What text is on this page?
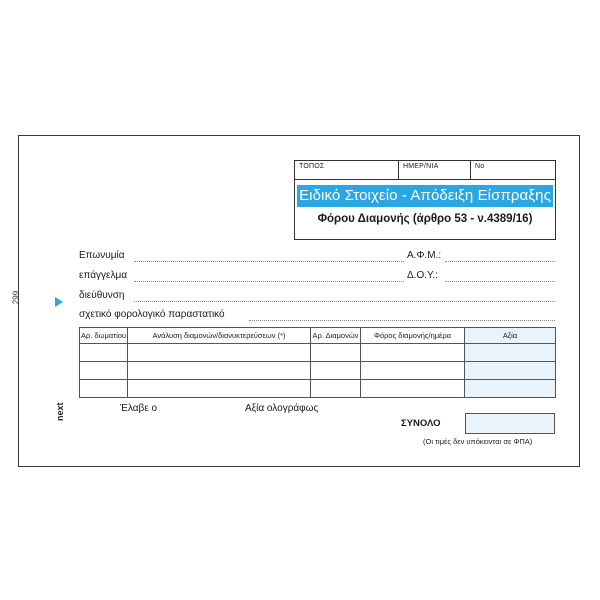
299
next
ΤΟΠΟΣ	ΗΜΕΡ/ΝΙΑ	Νο
Ειδικό Στοιχείο - Απόδειξη Είσπραξης
Φόρου Διαμονής (άρθρο 53 - ν.4389/16)
Επωνυμία	Α.Φ.Μ.:
επάγγελμα	Δ.Ο.Υ.:
διεύθυνση
σχετικό φορολογικό παραστατικό
Αρ. δωματίου	Ανάλυση διαμονών/διανυκτερεύσεων (*)	Αρ. Διαμονών	Φόρος διαμονής/ημέρα	Αξία

Έλαβε ο	Αξία ολογράφως
ΣΥΝΟΛΟ
(Οι τιμές δεν υπόκεινται σε ΦΠΑ)
